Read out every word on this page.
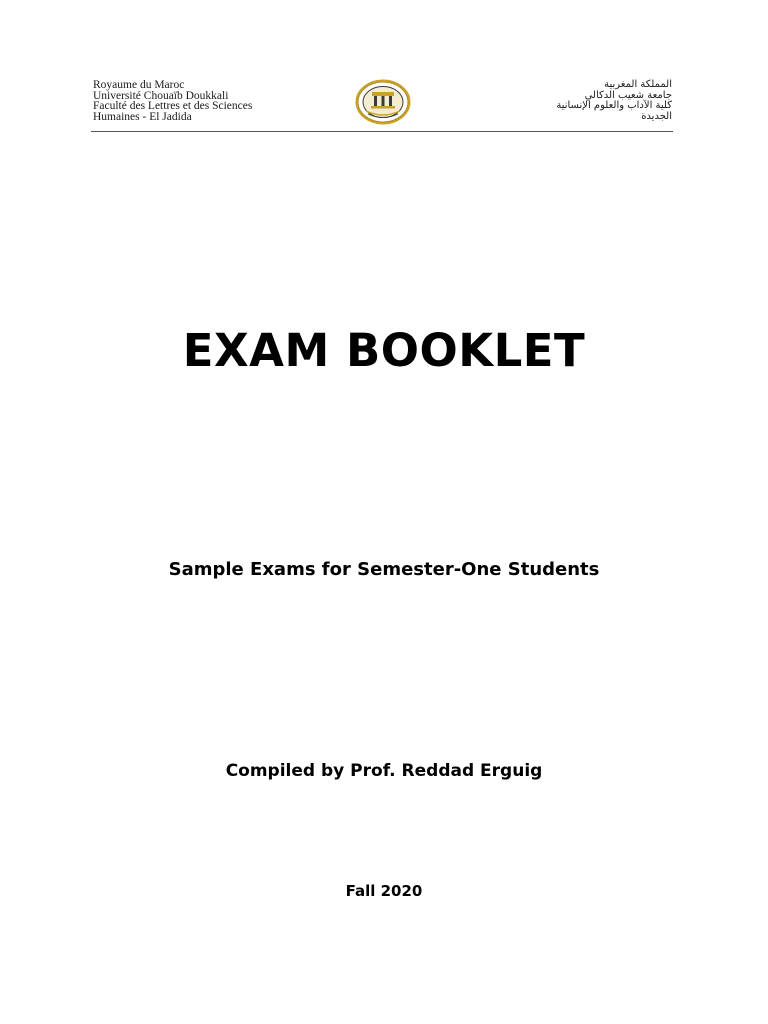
Royaume du Maroc
Université Chouaïb Doukkali
Faculté des Lettres et des Sciences
Humaines - El Jadida
المملكة المغربية
جامعة شعيب الدكالي
كلية الآداب والعلوم الإنسانية
الجديدة
EXAM BOOKLET
Sample Exams for Semester-One Students
Compiled by Prof. Reddad Erguig
Fall 2020
